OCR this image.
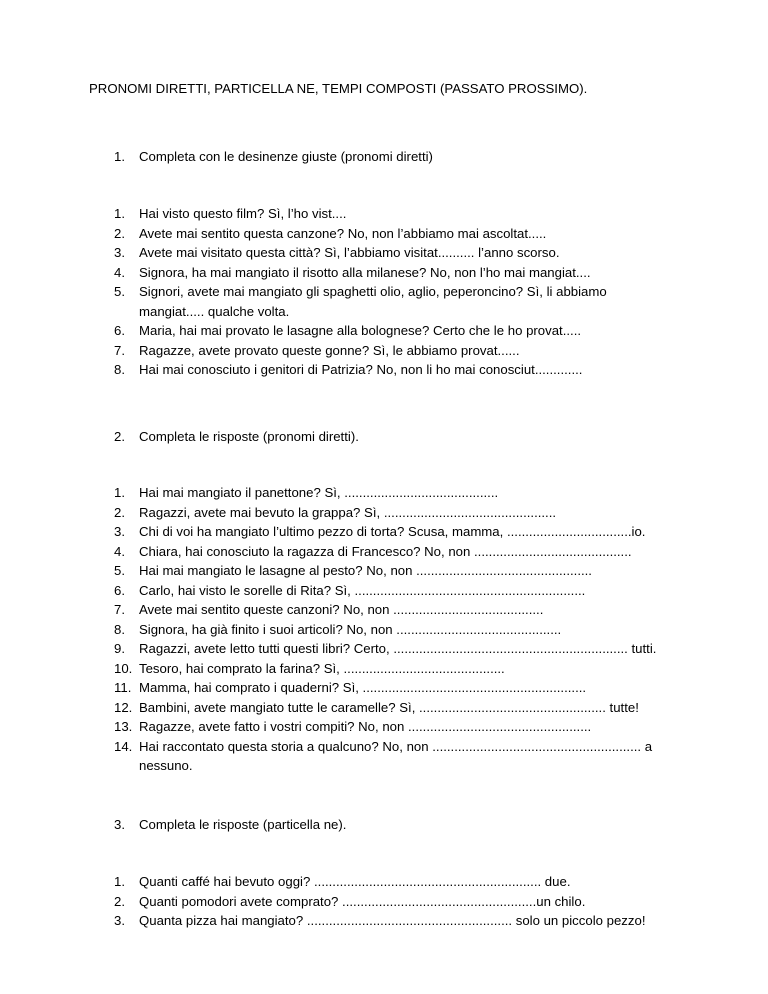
PRONOMI DIRETTI, PARTICELLA NE, TEMPI COMPOSTI (PASSATO PROSSIMO).
1. Completa con le desinenze giuste (pronomi diretti)
1. Hai visto questo film? Sì, l’ho vist....
2. Avete mai sentito questa canzone? No, non l’abbiamo mai ascoltat.....
3. Avete mai visitato questa città? Sì, l’abbiamo visitat.......... l’anno scorso.
4. Signora, ha mai mangiato il risotto alla milanese? No, non l’ho mai mangiat....
5. Signori, avete mai mangiato gli spaghetti olio, aglio, peperoncino? Sì, li abbiamo mangiat..... qualche volta.
6. Maria, hai mai provato le lasagne alla bolognese? Certo che le ho provat.....
7. Ragazze, avete provato queste gonne? Sì, le abbiamo provat......
8. Hai mai conosciuto i genitori di Patrizia? No, non li ho mai conosciut.............
2. Completa le risposte (pronomi diretti).
1. Hai mai mangiato il panettone? Sì, ..........................................
2. Ragazzi, avete mai bevuto la grappa? Sì, ...............................................
3. Chi di voi ha mangiato l’ultimo pezzo di torta? Scusa, mamma, ..................................io.
4. Chiara, hai conosciuto la ragazza di Francesco? No, non ...........................................
5. Hai mai mangiato le lasagne al pesto? No, non ................................................
6. Carlo, hai visto le sorelle di Rita? Sì, ...............................................................
7. Avete mai sentito queste canzoni? No, non .........................................
8. Signora, ha già finito i suoi articoli? No, non .............................................
9. Ragazzi, avete letto tutti questi libri? Certo, ................................................................ tutti.
10. Tesoro, hai comprato la farina? Sì, ............................................
11. Mamma, hai comprato i quaderni? Sì, .............................................................
12. Bambini, avete mangiato tutte le caramelle? Sì, ................................................... tutte!
13. Ragazze, avete fatto i vostri compiti? No, non ..................................................
14. Hai raccontato questa storia a qualcuno? No, non ......................................................... a nessuno.
3. Completa le risposte (particella ne).
1. Quanti caffé hai bevuto oggi? .............................................................. due.
2. Quanti pomodori avete comprato? .....................................................un chilo.
3. Quanta pizza hai mangiato? ........................................................ solo un piccolo pezzo!
